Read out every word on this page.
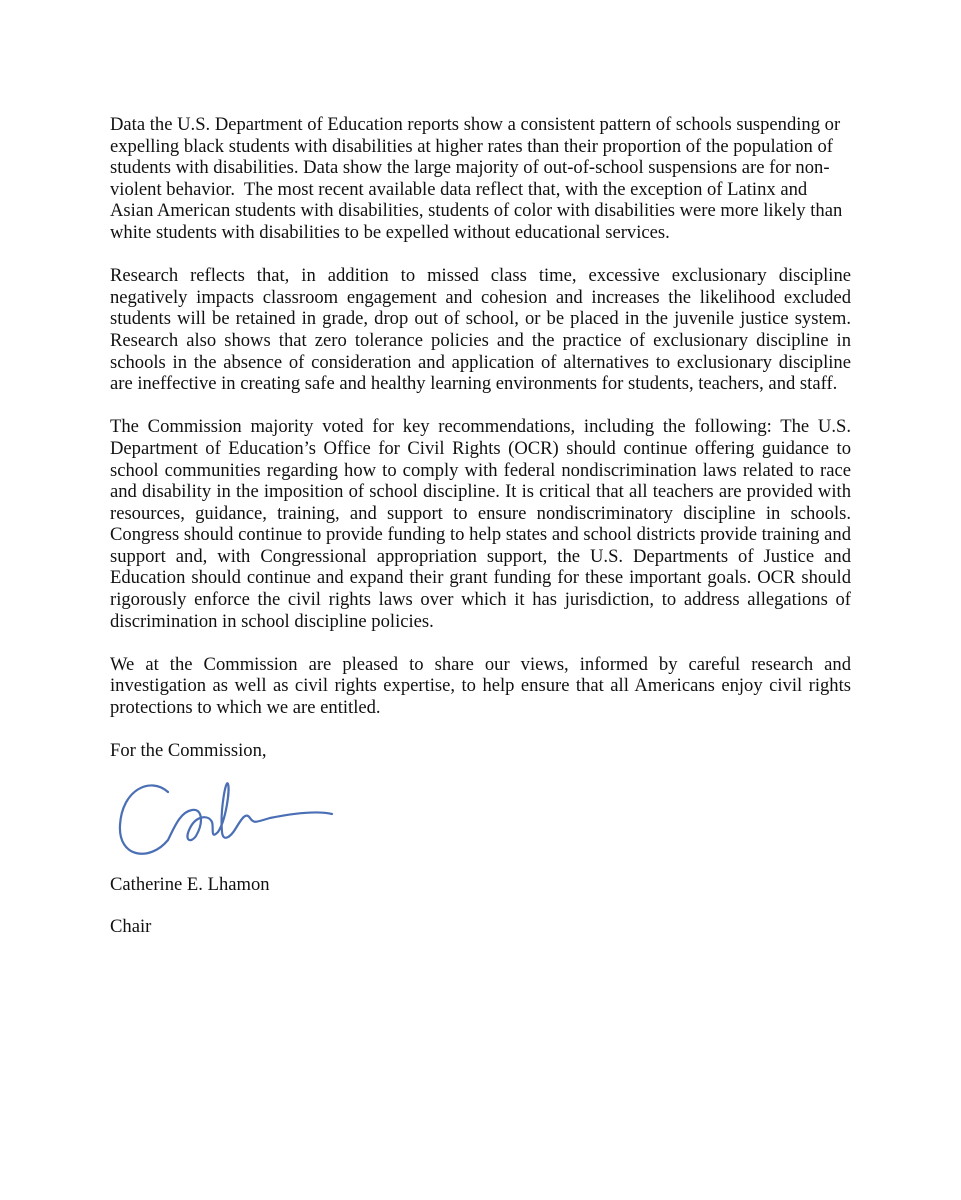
Data the U.S. Department of Education reports show a consistent pattern of schools suspending or expelling black students with disabilities at higher rates than their proportion of the population of students with disabilities. Data show the large majority of out-of-school suspensions are for non-violent behavior.  The most recent available data reflect that, with the exception of Latinx and Asian American students with disabilities, students of color with disabilities were more likely than white students with disabilities to be expelled without educational services.

Research reflects that, in addition to missed class time, excessive exclusionary discipline negatively impacts classroom engagement and cohesion and increases the likelihood excluded students will be retained in grade, drop out of school, or be placed in the juvenile justice system. Research also shows that zero tolerance policies and the practice of exclusionary discipline in schools in the absence of consideration and application of alternatives to exclusionary discipline are ineffective in creating safe and healthy learning environments for students, teachers, and staff.

The Commission majority voted for key recommendations, including the following: The U.S. Department of Education’s Office for Civil Rights (OCR) should continue offering guidance to school communities regarding how to comply with federal nondiscrimination laws related to race and disability in the imposition of school discipline. It is critical that all teachers are provided with resources, guidance, training, and support to ensure nondiscriminatory discipline in schools.  Congress should continue to provide funding to help states and school districts provide training and support and, with Congressional appropriation support, the U.S. Departments of Justice and Education should continue and expand their grant funding for these important goals. OCR should rigorously enforce the civil rights laws over which it has jurisdiction, to address allegations of discrimination in school discipline policies.

We at the Commission are pleased to share our views, informed by careful research and investigation as well as civil rights expertise, to help ensure that all Americans enjoy civil rights protections to which we are entitled.

For the Commission,

Catherine E. Lhamon

Chair
